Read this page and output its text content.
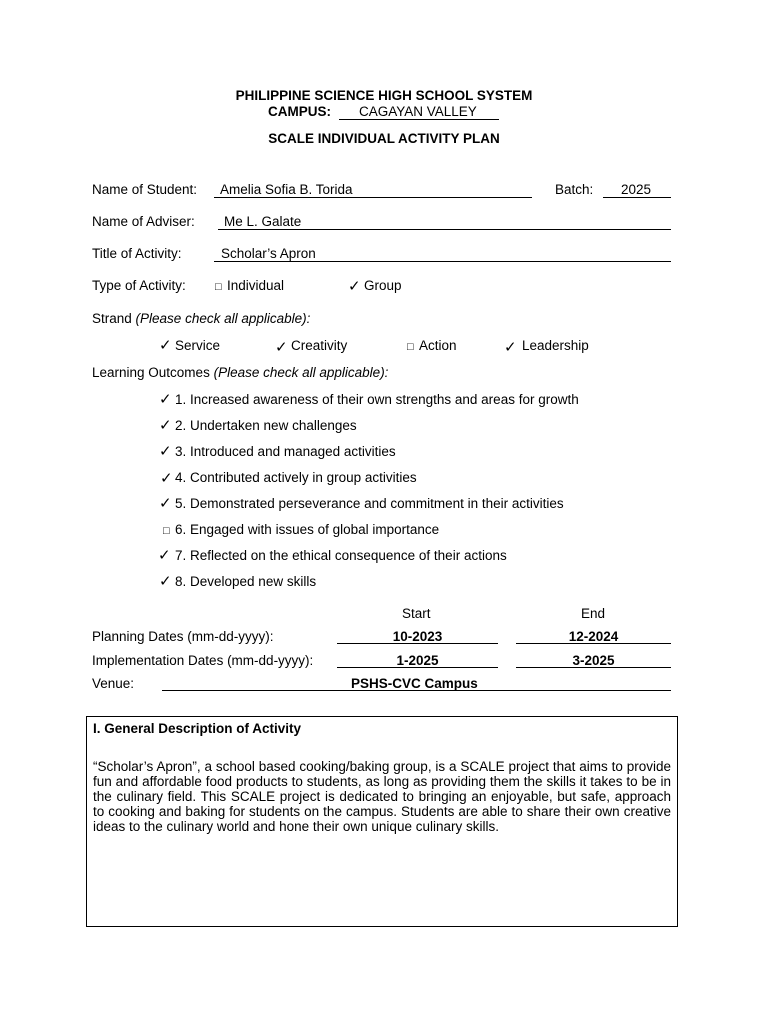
PHILIPPINE SCIENCE HIGH SCHOOL SYSTEM
CAMPUS: CAGAYAN VALLEY
SCALE INDIVIDUAL ACTIVITY PLAN
Name of Student: Amelia Sofia B. Torida	Batch: 2025
Name of Adviser: Me L. Galate
Title of Activity:	Scholar’s Apron
Type of Activity:	□ Individual	✓ Group
Strand (Please check all applicable):
✓ Service	✓ Creativity	□ Action	✓ Leadership
Learning Outcomes (Please check all applicable):
✓ 1. Increased awareness of their own strengths and areas for growth
✓ 2. Undertaken new challenges
✓ 3. Introduced and managed activities
✓ 4. Contributed actively in group activities
✓ 5. Demonstrated perseverance and commitment in their activities
□ 6. Engaged with issues of global importance
✓ 7. Reflected on the ethical consequence of their actions
✓ 8. Developed new skills
Start	End
Planning Dates (mm-dd-yyyy):	10-2023	12-2024
Implementation Dates (mm-dd-yyyy):	1-2025	3-2025
Venue:	PSHS-CVC Campus
I. General Description of Activity
“Scholar’s Apron”, a school based cooking/baking group, is a SCALE project that aims to provide fun and affordable food products to students, as long as providing them the skills it takes to be in the culinary field. This SCALE project is dedicated to bringing an enjoyable, but safe, approach to cooking and baking for students on the campus. Students are able to share their own creative ideas to the culinary world and hone their own unique culinary skills.
